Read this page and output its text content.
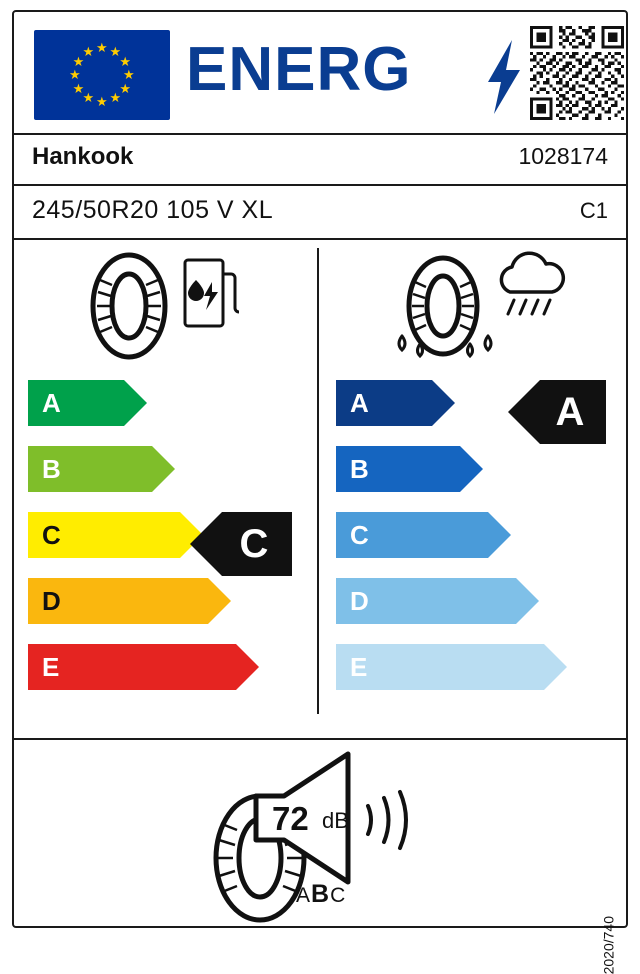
★ ★
★
★
★
★
★
★
★
★
★
★ ENERG
Hankook	1028174
245/50R20 105 V XL	C1
A
B
C
D
E
C
A
B
C
D
E
A
72 dB
ABC
2020/740
